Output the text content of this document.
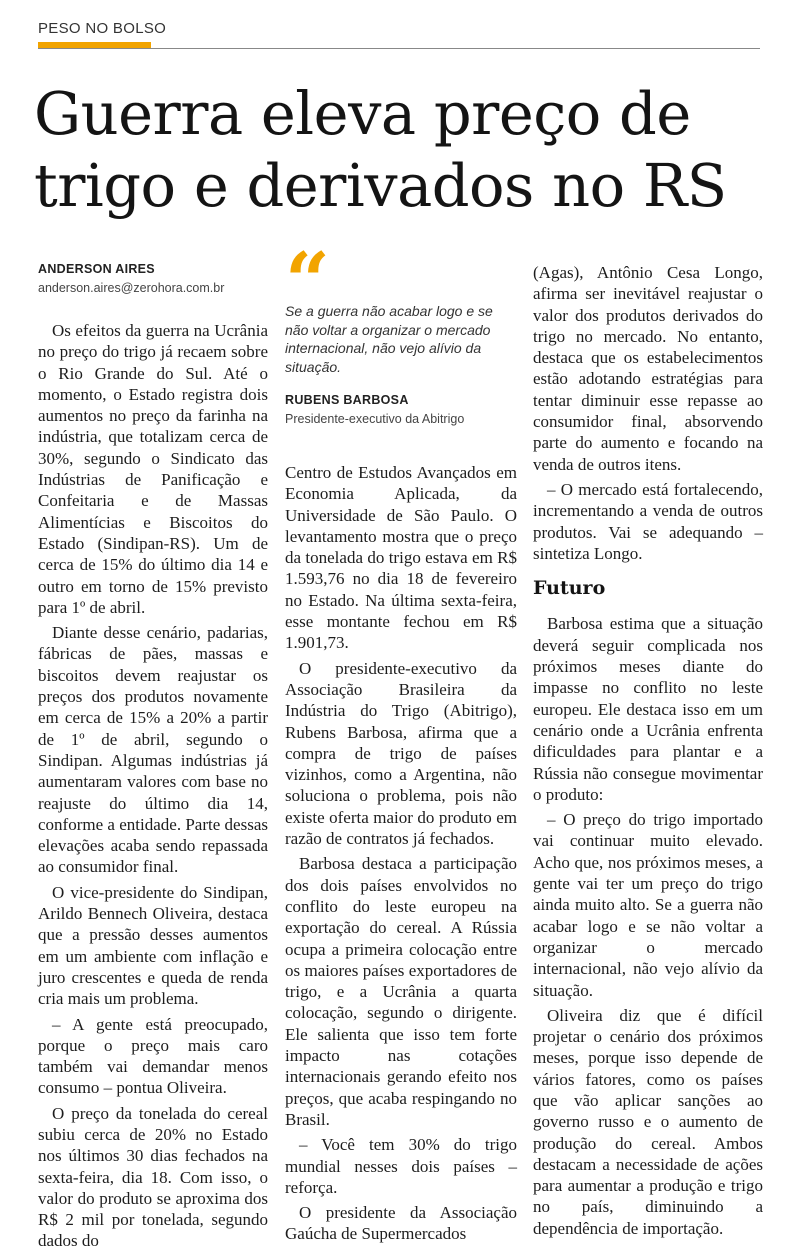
PESO NO BOLSO
Guerra eleva preço de trigo e derivados no RS
ANDERSON AIRES
anderson.aires@zerohora.com.br

Os efeitos da guerra na Ucrânia no preço do trigo já recaem sobre o Rio Grande do Sul. Até o momento, o Estado registra dois aumentos no preço da farinha na indústria, que totalizam cerca de 30%, segundo o Sindicato das Indústrias de Panificação e Confeitaria e de Massas Alimentícias e Biscoitos do Estado (Sindipan-RS). Um de cerca de 15% do último dia 14 e outro em torno de 15% previsto para 1º de abril.

Diante desse cenário, padarias, fábricas de pães, massas e biscoitos devem reajustar os preços dos produtos novamente em cerca de 15% a 20% a partir de 1º de abril, segundo o Sindipan. Algumas indústrias já aumentaram valores com base no reajuste do último dia 14, conforme a entidade. Parte dessas elevações acaba sendo repassada ao consumidor final.

O vice-presidente do Sindipan, Arildo Bennech Oliveira, destaca que a pressão desses aumentos em um ambiente com inflação e juro crescentes e queda de renda cria mais um problema.

– A gente está preocupado, porque o preço mais caro também vai demandar menos consumo – pontua Oliveira.

O preço da tonelada do cereal subiu cerca de 20% no Estado nos últimos 30 dias fechados na sexta-feira, dia 18. Com isso, o valor do produto se aproxima dos R$ 2 mil por tonelada, segundo dados do

“
Se a guerra não acabar logo e se não voltar a organizar o mercado internacional, não vejo alívio da situação.
RUBENS BARBOSA
Presidente-executivo da Abitrigo

Centro de Estudos Avançados em Economia Aplicada, da Universidade de São Paulo. O levantamento mostra que o preço da tonelada do trigo estava em R$ 1.593,76 no dia 18 de fevereiro no Estado. Na última sexta-feira, esse montante fechou em R$ 1.901,73.

O presidente-executivo da Associação Brasileira da Indústria do Trigo (Abitrigo), Rubens Barbosa, afirma que a compra de trigo de países vizinhos, como a Argentina, não soluciona o problema, pois não existe oferta maior do produto em razão de contratos já fechados.

Barbosa destaca a participação dos dois países envolvidos no conflito do leste europeu na exportação do cereal. A Rússia ocupa a primeira colocação entre os maiores países exportadores de trigo, e a Ucrânia a quarta colocação, segundo o dirigente. Ele salienta que isso tem forte impacto nas cotações internacionais gerando efeito nos preços, que acaba respingando no Brasil.

– Você tem 30% do trigo mundial nesses dois países – reforça.

O presidente da Associação Gaúcha de Supermercados

(Agas), Antônio Cesa Longo, afirma ser inevitável reajustar o valor dos produtos derivados do trigo no mercado. No entanto, destaca que os estabelecimentos estão adotando estratégias para tentar diminuir esse repasse ao consumidor final, absorvendo parte do aumento e focando na venda de outros itens.

– O mercado está fortalecendo, incrementando a venda de outros produtos. Vai se adequando – sintetiza Longo.

Futuro

Barbosa estima que a situação deverá seguir complicada nos próximos meses diante do impasse no conflito no leste europeu. Ele destaca isso em um cenário onde a Ucrânia enfrenta dificuldades para plantar e a Rússia não consegue movimentar o produto:

– O preço do trigo importado vai continuar muito elevado. Acho que, nos próximos meses, a gente vai ter um preço do trigo ainda muito alto. Se a guerra não acabar logo e se não voltar a organizar o mercado internacional, não vejo alívio da situação.

Oliveira diz que é difícil projetar o cenário dos próximos meses, porque isso depende de vários fatores, como os países que vão aplicar sanções ao governo russo e o aumento de produção do cereal. Ambos destacam a necessidade de ações para aumentar a produção e trigo no país, diminuindo a dependência de importação.
